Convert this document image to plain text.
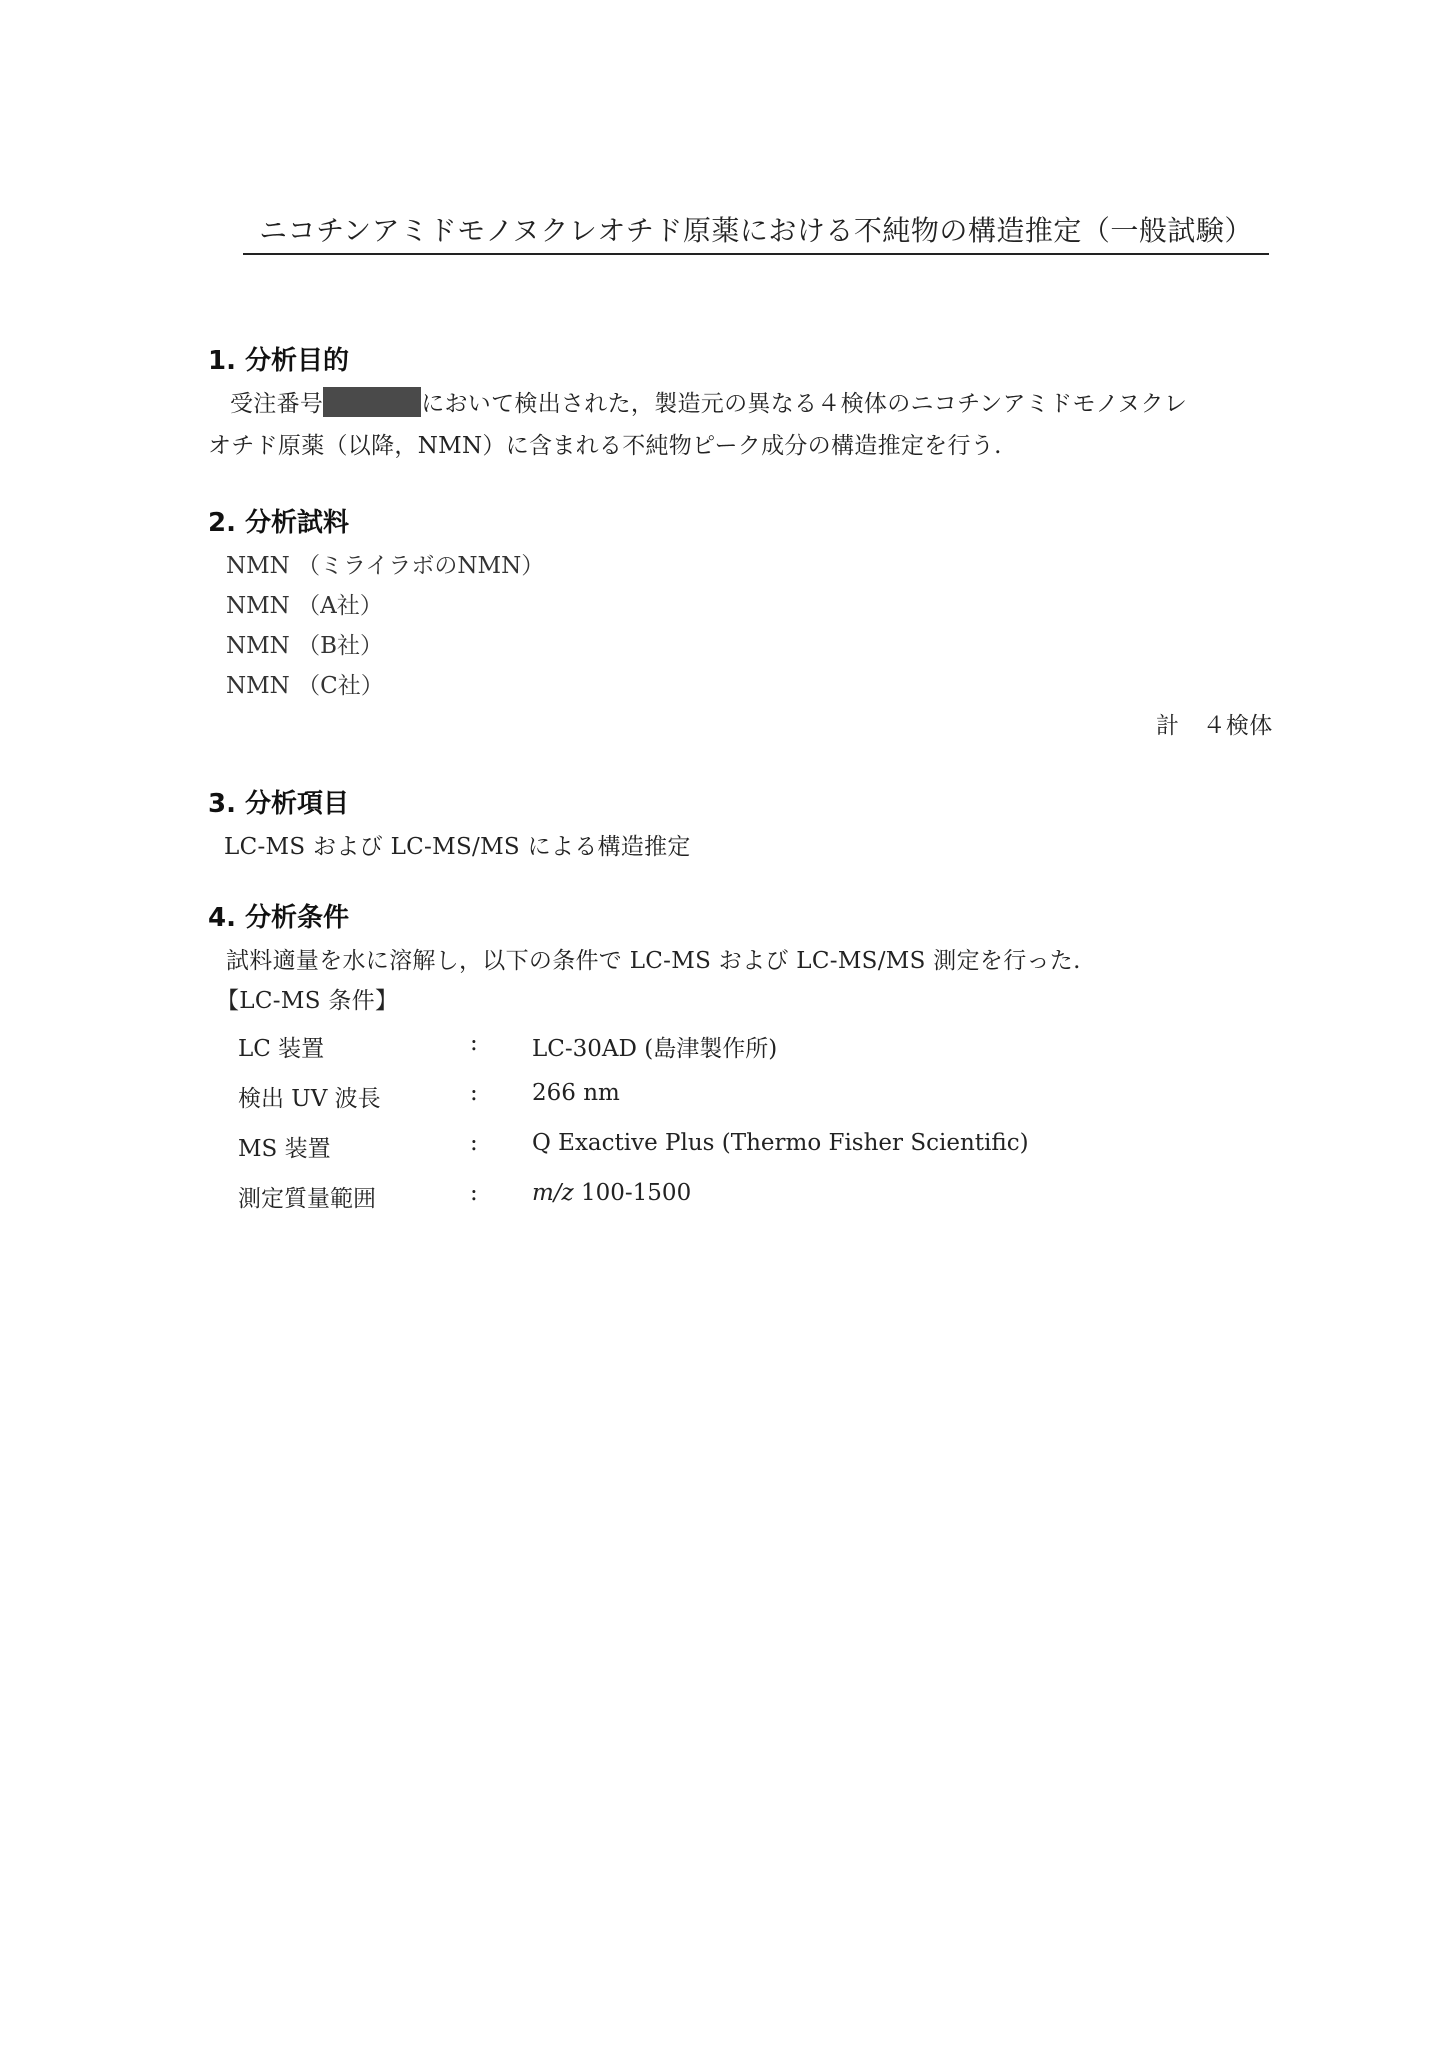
ニコチンアミドモノヌクレオチド原薬における不純物の構造推定（一般試験）
1. 分析目的
受注番号	において検出された，製造元の異なる４検体のニコチンアミドモノヌクレ
オチド原薬（以降，NMN）に含まれる不純物ピーク成分の構造推定を行う.
2. 分析試料
NMN （ミライラボのNMN）
NMN （A社）
NMN （B社）
NMN （C社）
計　４検体
3. 分析項目
LC-MS および LC-MS/MS による構造推定
4. 分析条件
試料適量を水に溶解し，以下の条件で LC-MS および LC-MS/MS 測定を行った.
【LC-MS 条件】
LC 装置	: LC-30AD (島津製作所)
検出 UV 波長	: 266 nm
MS 装置	: Q Exactive Plus (Thermo Fisher Scientific)
測定質量範囲	: m/z 100-1500
